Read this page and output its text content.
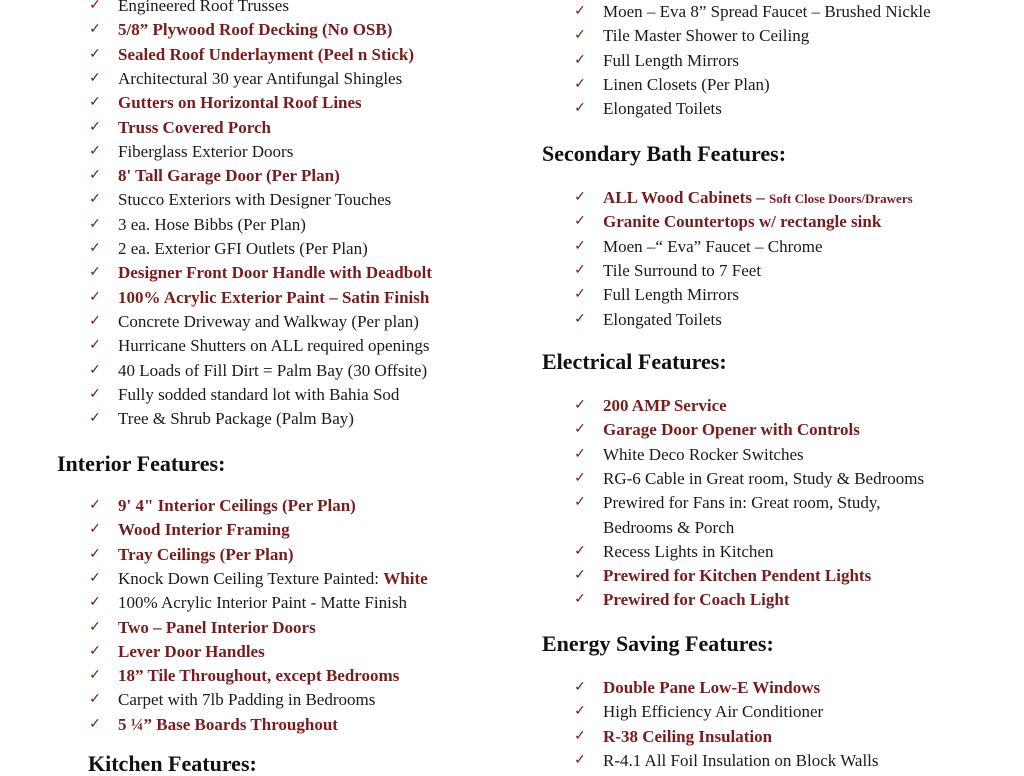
✓ Engineered Roof Trusses
✓ 5/8” Plywood Roof Decking (No OSB)
✓ Sealed Roof Underlayment (Peel n Stick)
✓ Architectural 30 year Antifungal Shingles
✓ Gutters on Horizontal Roof Lines
✓ Truss Covered Porch
✓ Fiberglass Exterior Doors
✓ 8' Tall Garage Door (Per Plan)
✓ Stucco Exteriors with Designer Touches
✓ 3 ea. Hose Bibbs (Per Plan)
✓ 2 ea. Exterior GFI Outlets (Per Plan)
✓ Designer Front Door Handle with Deadbolt
✓ 100% Acrylic Exterior Paint – Satin Finish
✓ Concrete Driveway and Walkway (Per plan)
✓ Hurricane Shutters on ALL required openings
✓ 40 Loads of Fill Dirt = Palm Bay (30 Offsite)
✓ Fully sodded standard lot with Bahia Sod
✓ Tree & Shrub Package (Palm Bay)
Interior Features:
✓ 9' 4" Interior Ceilings (Per Plan)
✓ Wood Interior Framing
✓ Tray Ceilings (Per Plan)
✓ Knock Down Ceiling Texture Painted: White
✓ 100% Acrylic Interior Paint - Matte Finish
✓ Two – Panel Interior Doors
✓ Lever Door Handles
✓ 18” Tile Throughout, except Bedrooms
✓ Carpet with 7lb Padding in Bedrooms
✓ 5 ¼” Base Boards Throughout
Kitchen Features:
✓ Moen – Eva 8” Spread Faucet – Brushed Nickle
✓ Tile Master Shower to Ceiling
✓ Full Length Mirrors
✓ Linen Closets (Per Plan)
✓ Elongated Toilets
Secondary Bath Features:
✓ ALL Wood Cabinets – Soft Close Doors/Drawers
✓ Granite Countertops w/ rectangle sink
✓ Moen –“ Eva” Faucet – Chrome
✓ Tile Surround to 7 Feet
✓ Full Length Mirrors
✓ Elongated Toilets
Electrical Features:
✓ 200 AMP Service
✓ Garage Door Opener with Controls
✓ White Deco Rocker Switches
✓ RG-6 Cable in Great room, Study & Bedrooms
✓ Prewired for Fans in: Great room, Study,
Bedrooms & Porch
✓ Recess Lights in Kitchen
✓ Prewired for Kitchen Pendent Lights
✓ Prewired for Coach Light
Energy Saving Features:
✓ Double Pane Low-E Windows
✓ High Efficiency Air Conditioner
✓ R-38 Ceiling Insulation
✓ R-4.1 All Foil Insulation on Block Walls
